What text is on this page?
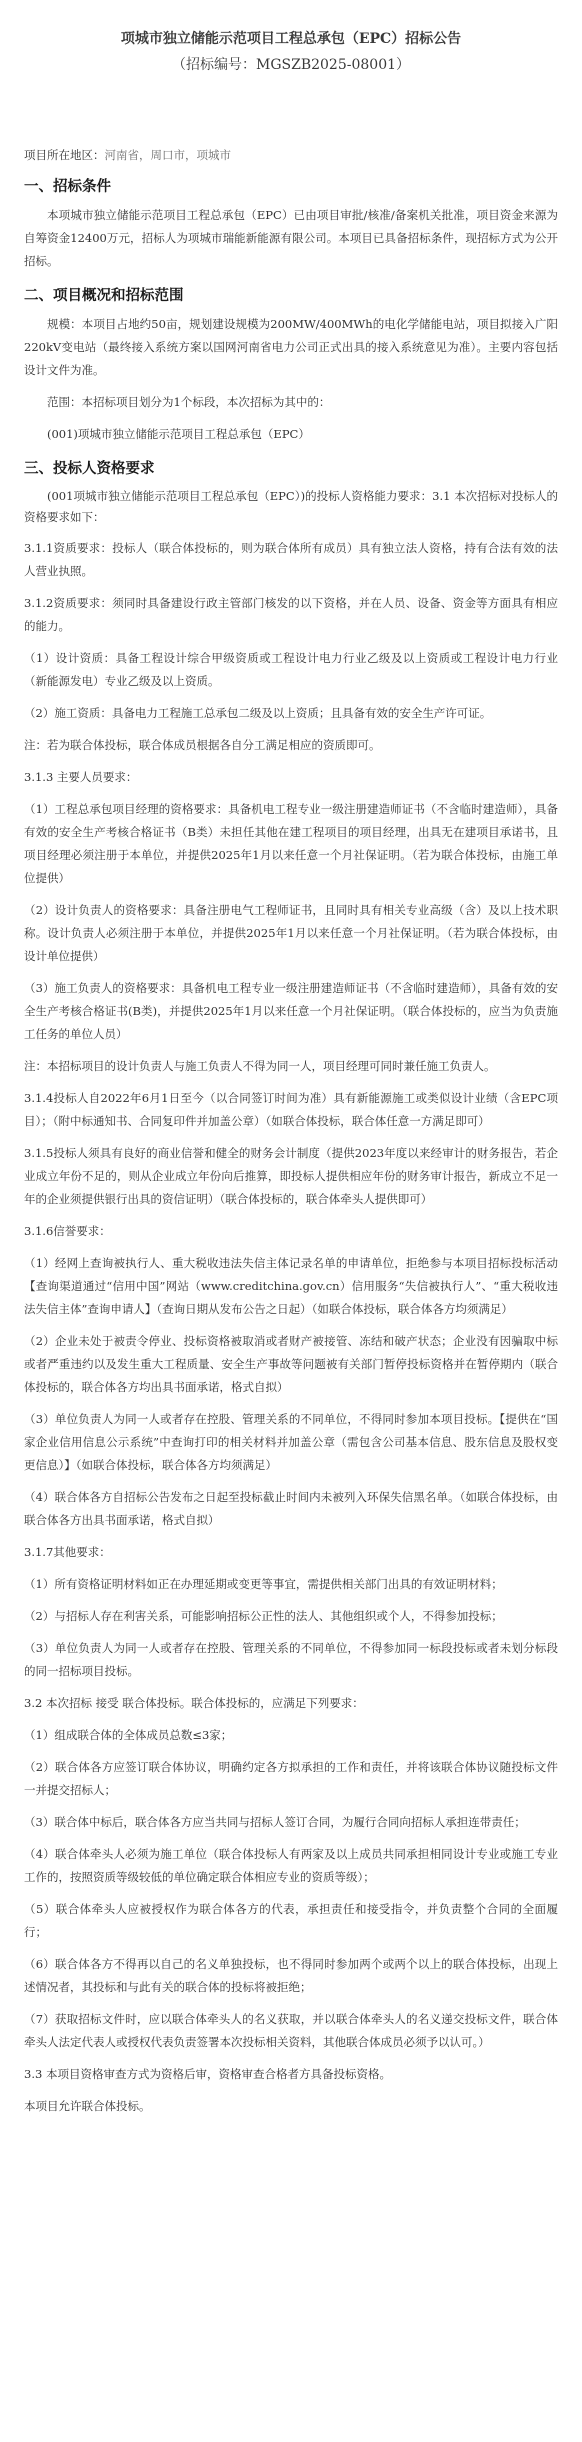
项城市独立储能示范项目工程总承包（EPC）招标公告
（招标编号：MGSZB2025-08001）
项目所在地区：河南省，周口市，项城市
一、招标条件

本项城市独立储能示范项目工程总承包（EPC）已由项目审批/核准/备案机关批准，项目资金来源为自筹资金12400万元，招标人为项城市瑞能新能源有限公司。本项目已具备招标条件，现招标方式为公开招标。

二、项目概况和招标范围

规模：本项目占地约50亩，规划建设规模为200MW/400MWh的电化学储能电站，项目拟接入广阳220kV变电站（最终接入系统方案以国网河南省电力公司正式出具的接入系统意见为准）。主要内容包括设计文件为准。

范围：本招标项目划分为1个标段，本次招标为其中的：

(001)项城市独立储能示范项目工程总承包（EPC）

三、投标人资格要求

(001项城市独立储能示范项目工程总承包（EPC）)的投标人资格能力要求：3.1 本次招标对投标人的资格要求如下：

3.1.1资质要求：投标人（联合体投标的，则为联合体所有成员）具有独立法人资格，持有合法有效的法人营业执照。

3.1.2资质要求：须同时具备建设行政主管部门核发的以下资格，并在人员、设备、资金等方面具有相应的能力。

（1）设计资质：具备工程设计综合甲级资质或工程设计电力行业乙级及以上资质或工程设计电力行业（新能源发电）专业乙级及以上资质。

（2）施工资质：具备电力工程施工总承包二级及以上资质；且具备有效的安全生产许可证。

注：若为联合体投标，联合体成员根据各自分工满足相应的资质即可。

3.1.3 主要人员要求：

（1）工程总承包项目经理的资格要求：具备机电工程专业一级注册建造师证书（不含临时建造师），具备有效的安全生产考核合格证书（B类）未担任其他在建工程项目的项目经理，出具无在建项目承诺书，且项目经理必须注册于本单位，并提供2025年1月以来任意一个月社保证明。（若为联合体投标，由施工单位提供）

（2）设计负责人的资格要求：具备注册电气工程师证书，且同时具有相关专业高级（含）及以上技术职称。设计负责人必须注册于本单位，并提供2025年1月以来任意一个月社保证明。（若为联合体投标，由设计单位提供）

（3）施工负责人的资格要求：具备机电工程专业一级注册建造师证书（不含临时建造师），具备有效的安全生产考核合格证书(B类)，并提供2025年1月以来任意一个月社保证明。（联合体投标的，应当为负责施工任务的单位人员）

注：本招标项目的设计负责人与施工负责人不得为同一人，项目经理可同时兼任施工负责人。

3.1.4投标人自2022年6月1日至今（以合同签订时间为准）具有新能源施工或类似设计业绩（含EPC项目）；（附中标通知书、合同复印件并加盖公章）（如联合体投标，联合体任意一方满足即可）

3.1.5投标人须具有良好的商业信誉和健全的财务会计制度（提供2023年度以来经审计的财务报告，若企业成立年份不足的，则从企业成立年份向后推算，即投标人提供相应年份的财务审计报告，新成立不足一年的企业须提供银行出具的资信证明）（联合体投标的，联合体牵头人提供即可）

3.1.6信誉要求：

（1）经网上查询被执行人、重大税收违法失信主体记录名单的申请单位，拒绝参与本项目招标投标活动【查询渠道通过“信用中国”网站（www.creditchina.gov.cn）信用服务“失信被执行人”、“重大税收违法失信主体”查询申请人】（查询日期从发布公告之日起）（如联合体投标，联合体各方均须满足）

（2）企业未处于被责令停业、投标资格被取消或者财产被接管、冻结和破产状态；企业没有因骗取中标或者严重违约以及发生重大工程质量、安全生产事故等问题被有关部门暂停投标资格并在暂停期内（联合体投标的，联合体各方均出具书面承诺，格式自拟）

（3）单位负责人为同一人或者存在控股、管理关系的不同单位，不得同时参加本项目投标。【提供在“国家企业信用信息公示系统”中查询打印的相关材料并加盖公章（需包含公司基本信息、股东信息及股权变更信息）】（如联合体投标，联合体各方均须满足）

（4）联合体各方自招标公告发布之日起至投标截止时间内未被列入环保失信黑名单。（如联合体投标，由联合体各方出具书面承诺，格式自拟）

3.1.7其他要求：

（1）所有资格证明材料如正在办理延期或变更等事宜，需提供相关部门出具的有效证明材料；

（2）与招标人存在利害关系，可能影响招标公正性的法人、其他组织或个人，不得参加投标；

（3）单位负责人为同一人或者存在控股、管理关系的不同单位，不得参加同一标段投标或者未划分标段的同一招标项目投标。

3.2 本次招标 接受 联合体投标。联合体投标的，应满足下列要求：

（1）组成联合体的全体成员总数≤3家；

（2）联合体各方应签订联合体协议，明确约定各方拟承担的工作和责任，并将该联合体协议随投标文件一并提交招标人；

（3）联合体中标后，联合体各方应当共同与招标人签订合同，为履行合同向招标人承担连带责任；

（4）联合体牵头人必须为施工单位（联合体投标人有两家及以上成员共同承担相同设计专业或施工专业工作的，按照资质等级较低的单位确定联合体相应专业的资质等级）；

（5）联合体牵头人应被授权作为联合体各方的代表，承担责任和接受指令，并负责整个合同的全面履行；

（6）联合体各方不得再以自己的名义单独投标，也不得同时参加两个或两个以上的联合体投标，出现上述情况者，其投标和与此有关的联合体的投标将被拒绝；

（7）获取招标文件时，应以联合体牵头人的名义获取，并以联合体牵头人的名义递交投标文件，联合体牵头人法定代表人或授权代表负责签署本次投标相关资料，其他联合体成员必须予以认可。）

3.3 本项目资格审查方式为资格后审，资格审查合格者方具备投标资格。

本项目允许联合体投标。
